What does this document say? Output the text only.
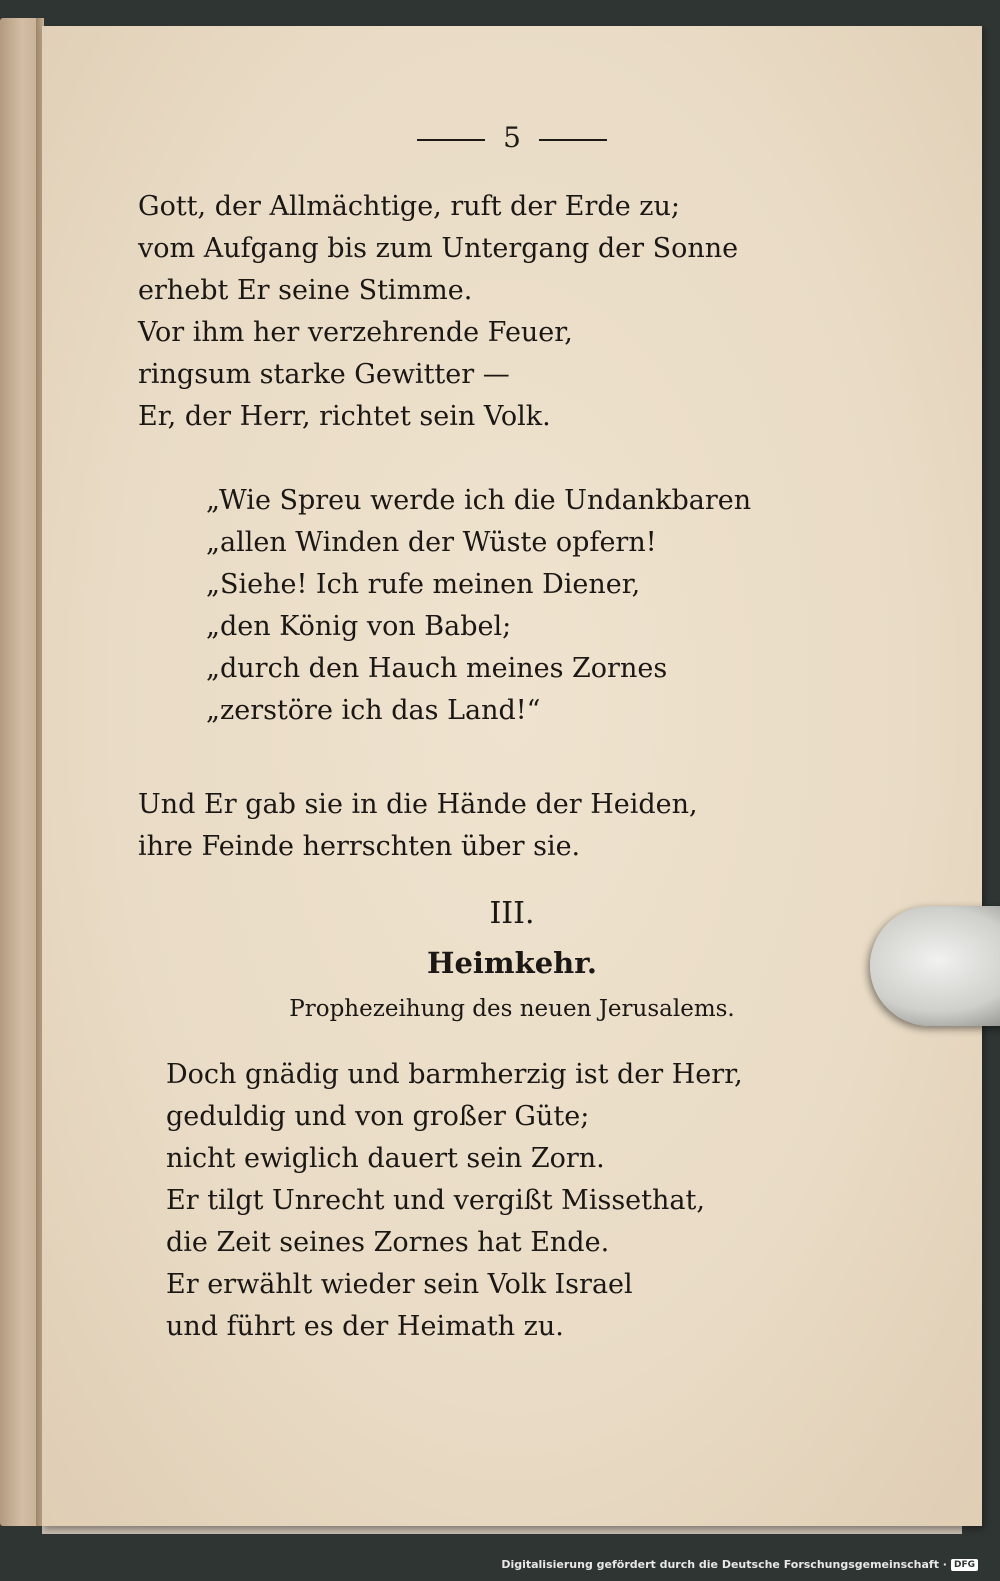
5
Gott, der Allmächtige, ruft der Erde zu;
vom Aufgang bis zum Untergang der Sonne
erhebt Er seine Stimme.
Vor ihm her verzehrende Feuer,
ringsum starke Gewitter —
Er, der Herr, richtet sein Volk.
„Wie Spreu werde ich die Undankbaren
„allen Winden der Wüste opfern!
„Siehe! Ich rufe meinen Diener,
„den König von Babel;
„durch den Hauch meines Zornes
„zerstöre ich das Land!“
Und Er gab sie in die Hände der Heiden,
ihre Feinde herrschten über sie.
III.
Heimkehr.
Prophezeihung des neuen Jerusalems.
Doch gnädig und barmherzig ist der Herr,
geduldig und von großer Güte;
nicht ewiglich dauert sein Zorn.
Er tilgt Unrecht und vergißt Missethat,
die Zeit seines Zornes hat Ende.
Er erwählt wieder sein Volk Israel
und führt es der Heimath zu.
Digitalisierung gefördert durch die Deutsche Forschungsgemeinschaft · DFG
